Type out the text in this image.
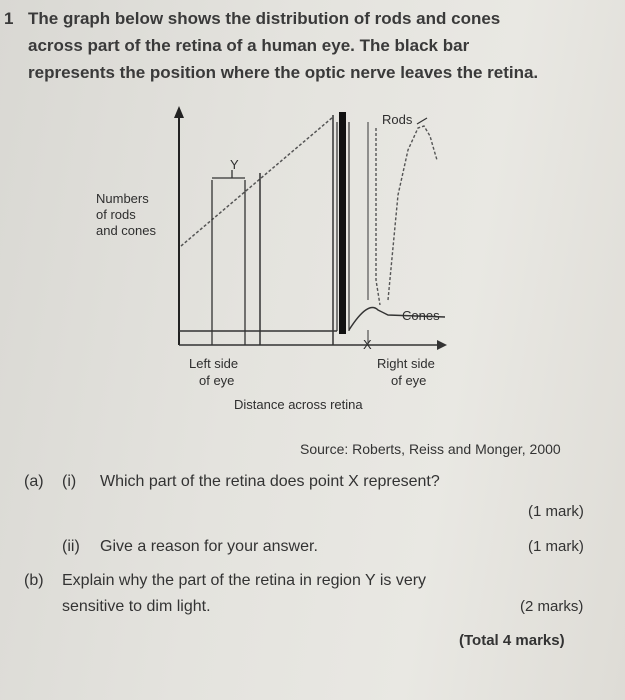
1 The graph below shows the distribution of rods and cones
across part of the retina of a human eye. The black bar
represents the position where the optic nerve leaves the retina.
Numbers
of rods
and cones
Rods
Cones
Y
X
Left side
of eye
Right side
of eye
Distance across retina
Source: Roberts, Reiss and Monger, 2000
(a) (i) Which part of the retina does point X represent?
(1 mark)
(ii) Give a reason for your answer.	(1 mark)
(b) Explain why the part of the retina in region Y is very
sensitive to dim light.	(2 marks)
(Total 4 marks)
